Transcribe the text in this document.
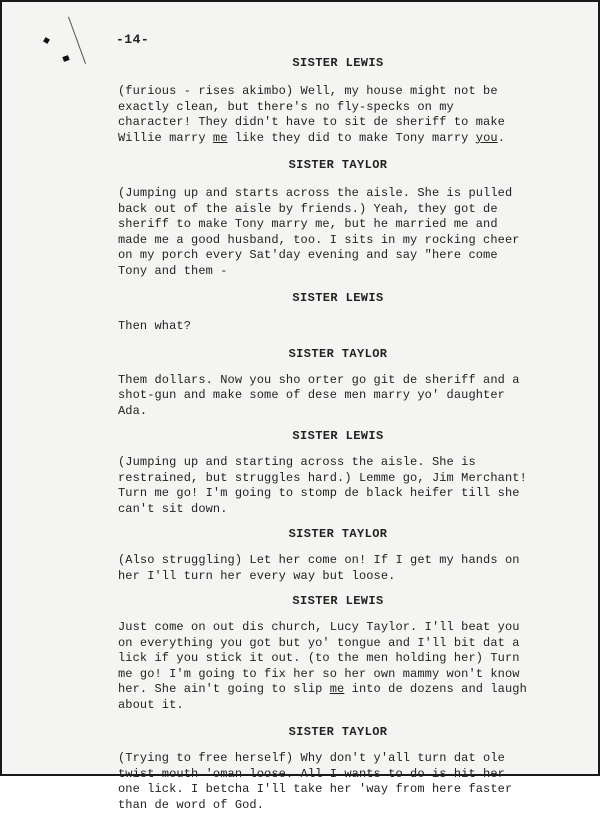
-14-

SISTER LEWIS

(furious - rises akimbo) Well, my house might not be exactly clean, but there's no fly-specks on my character! They didn't have to sit de sheriff to make Willie marry me like they did to make Tony marry you.

SISTER TAYLOR

(Jumping up and starts across the aisle. She is pulled back out of the aisle by friends.) Yeah, they got de sheriff to make Tony marry me, but he married me and made me a good husband, too. I sits in my rocking cheer on my porch every Sat'day evening and say "here come Tony and them -

SISTER LEWIS

Then what?

SISTER TAYLOR

Them dollars. Now you sho orter go git de sheriff and a shot-gun and make some of dese men marry yo' daughter Ada.

SISTER LEWIS

(Jumping up and starting across the aisle. She is restrained, but struggles hard.) Lemme go, Jim Merchant! Turn me go! I'm going to stomp de black heifer till she can't sit down.

SISTER TAYLOR

(Also struggling) Let her come on! If I get my hands on her I'll turn her every way but loose.

SISTER LEWIS

Just come on out dis church, Lucy Taylor. I'll beat you on everything you got but yo' tongue and I'll bit dat a lick if you stick it out. (to the men holding her) Turn me go! I'm going to fix her so her own mammy won't know her. She ain't going to slip me into de dozens and laugh about it.

SISTER TAYLOR

(Trying to free herself) Why don't y'all turn dat ole twist mouth 'oman loose. All I wants to do is hit her one lick. I betcha I'll take her 'way from here faster than de word of God.
